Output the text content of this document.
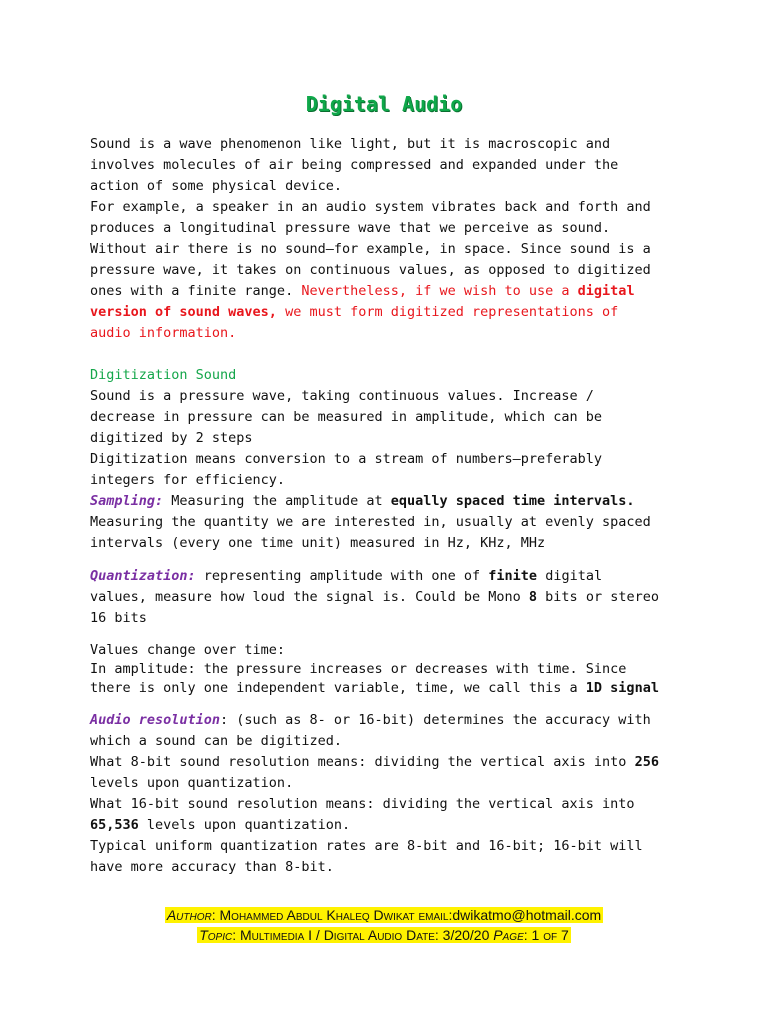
Digital Audio

Sound is a wave phenomenon like light, but it is macroscopic and

involves molecules of air being compressed and expanded under the

action of some physical device.

For example, a speaker in an audio system vibrates back and forth and

produces a longitudinal pressure wave that we perceive as sound.

Without air there is no sound—for example, in space. Since sound is a

pressure wave, it takes on continuous values, as opposed to digitized

ones with a finite range. Nevertheless, if we wish to use a digital

version of sound waves, we must form digitized representations of

audio information.

Digitization Sound

Sound is a pressure wave, taking continuous values. Increase /

decrease in pressure can be measured in amplitude, which can be

digitized by 2 steps

Digitization means conversion to a stream of numbers—preferably

integers for efficiency.

Sampling: Measuring the amplitude at equally spaced time intervals.

Measuring the quantity we are interested in, usually at evenly spaced

intervals (every one time unit) measured in Hz, KHz, MHz

Quantization: representing amplitude with one of finite digital

values, measure how loud the signal is. Could be Mono 8 bits or stereo

16 bits

Values change over time:

In amplitude: the pressure increases or decreases with time. Since

there is only one independent variable, time, we call this a 1D signal

Audio resolution: (such as 8- or 16-bit) determines the accuracy with

which a sound can be digitized.

What 8-bit sound resolution means: dividing the vertical axis into 256

levels upon quantization.

What 16-bit sound resolution means: dividing the vertical axis into

65,536 levels upon quantization.

Typical uniform quantization rates are 8-bit and 16-bit; 16-bit will

have more accuracy than 8-bit.

Author: Mohammed Abdul Khaleq Dwikat email:dwikatmo@hotmail.com
Topic: Multimedia I / Digital Audio Date: 3/20/20 Page: 1 of 7
